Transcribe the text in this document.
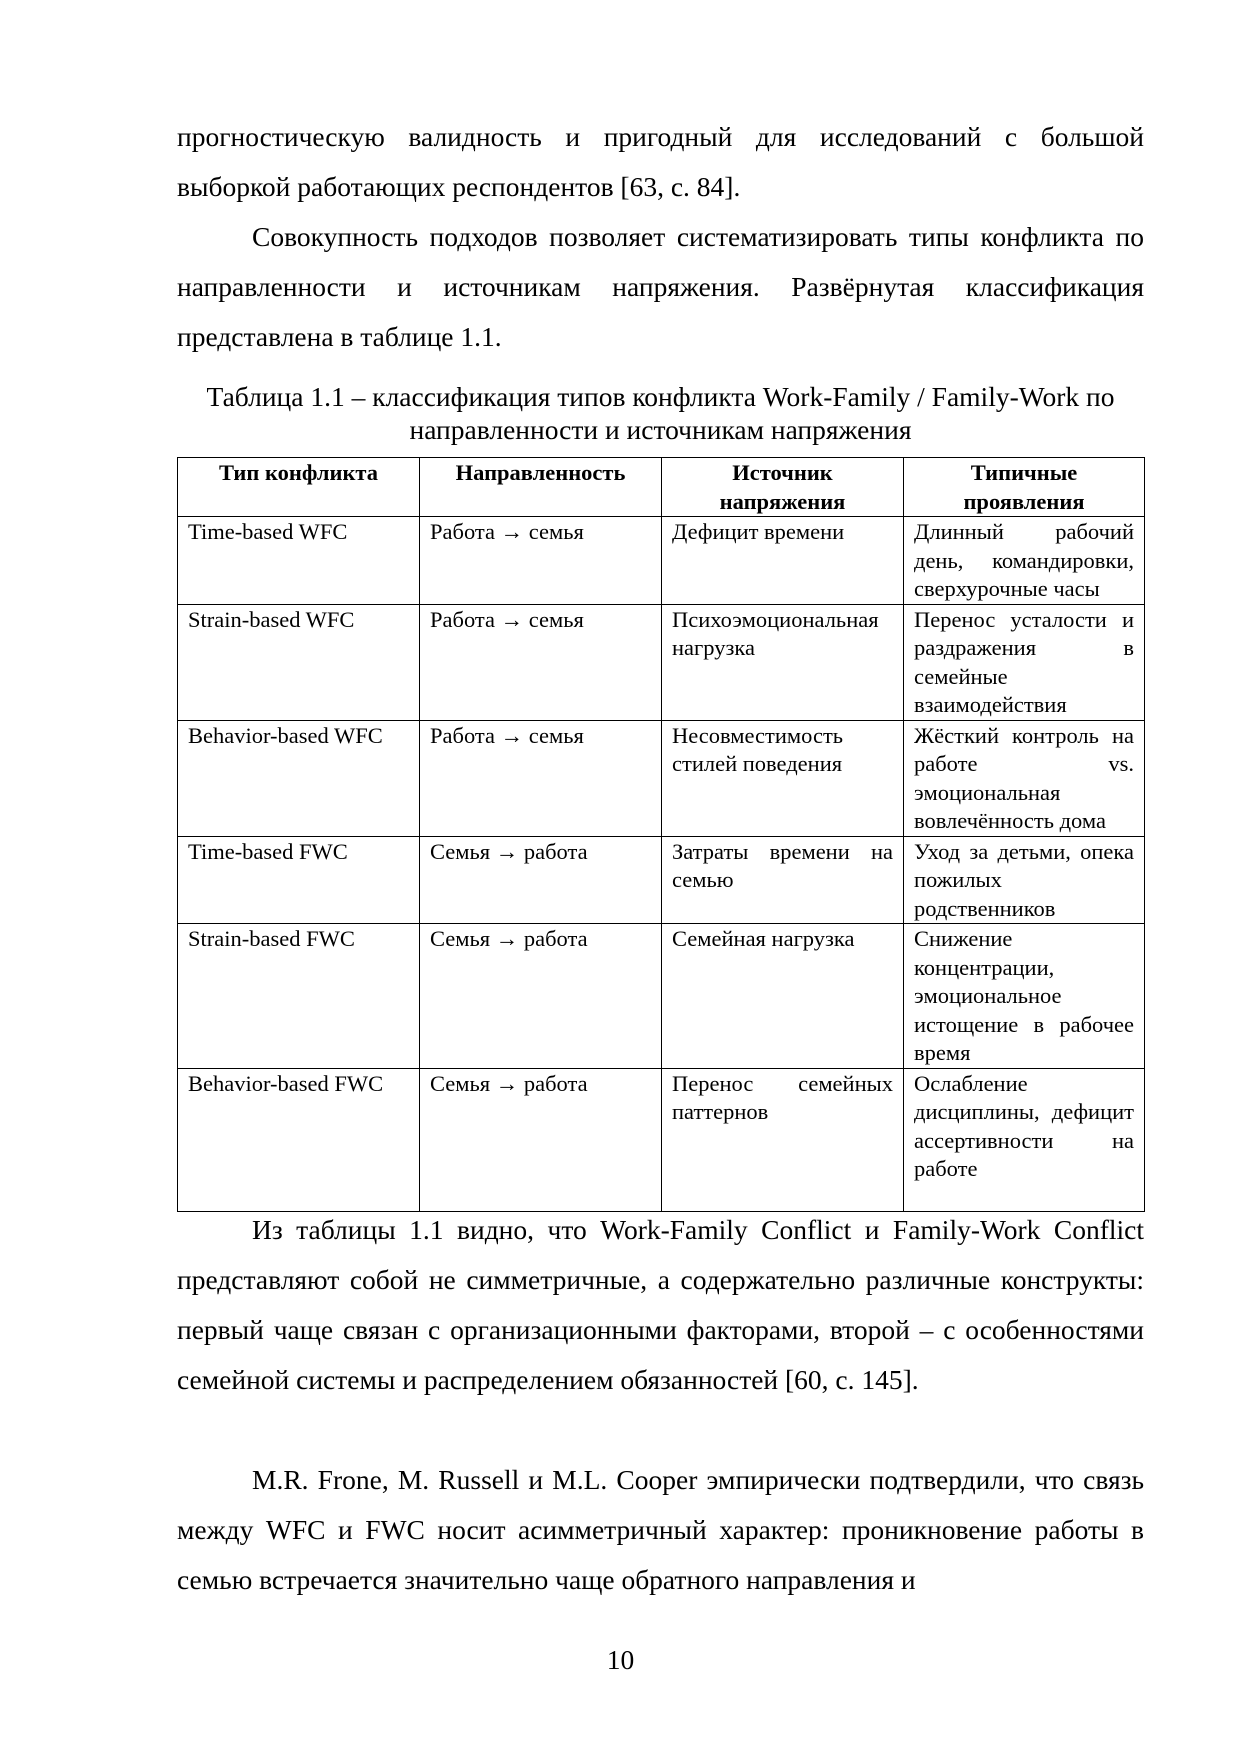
прогностическую валидность и пригодный для исследований с большой выборкой работающих респондентов [63, с. 84].

Совокупность подходов позволяет систематизировать типы конфликта по направленности и источникам напряжения. Развёрнутая классификация представлена в таблице 1.1.

Таблица 1.1 – классификация типов конфликта Work-Family / Family-Work по направленности и источникам напряжения

Тип конфликта	Направленность	Источник напряжения	Типичные проявления
Time-based WFC	Работа → семья	Дефицит времени	Длинный рабочий день, командировки, сверхурочные часы
Strain-based WFC	Работа → семья	Психоэмоциональная нагрузка	Перенос усталости и раздражения в семейные взаимодействия
Behavior-based WFC	Работа → семья	Несовместимость стилей поведения	Жёсткий контроль на работе vs. эмоциональная вовлечённость дома
Time-based FWC	Семья → работа	Затраты времени на семью	Уход за детьми, опека пожилых родственников
Strain-based FWC	Семья → работа	Семейная нагрузка	Снижение концентрации, эмоциональное истощение в рабочее время
Behavior-based FWC	Семья → работа	Перенос семейных паттернов	Ослабление дисциплины, дефицит ассертивности на работе

Из таблицы 1.1 видно, что Work-Family Conflict и Family-Work Conflict представляют собой не симметричные, а содержательно различные конструкты: первый чаще связан с организационными факторами, второй – с особенностями семейной системы и распределением обязанностей [60, с. 145].

M.R. Frone, M. Russell и M.L. Cooper эмпирически подтвердили, что связь между WFC и FWC носит асимметричный характер: проникновение работы в семью встречается значительно чаще обратного направления и

10
